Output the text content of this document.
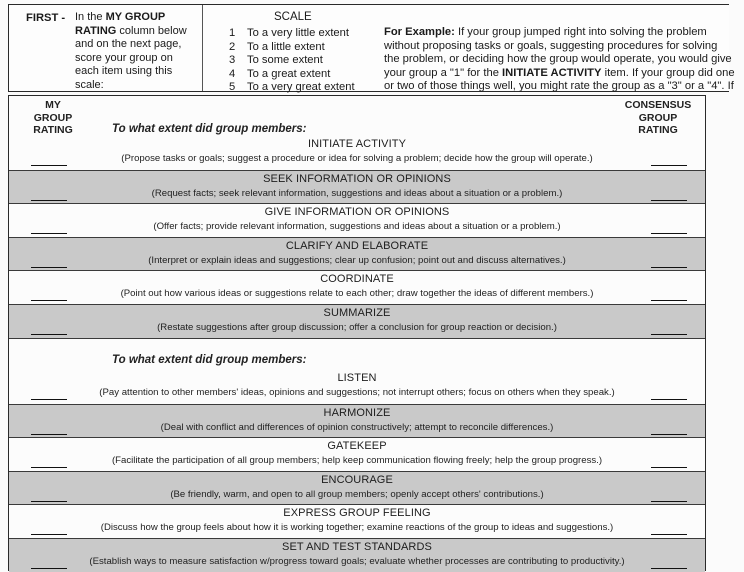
FIRST - In the MY GROUP RATING column below and on the next page, score your group on each item using this scale:
SCALE
1	To a very little extent
2	To a little extent
3	To some extent
4	To a great extent
5	To a very great extent
For Example: If your group jumped right into solving the problem
without proposing tasks or goals, suggesting procedures for solving
the problem, or deciding how the group would operate, you would give
your group a "1" for the INITIATE ACTIVITY item. If your group did one
or two of those things well, you might rate the group as a "3" or a "4". If
MY
GROUP
RATING
CONSENSUS
GROUP
RATING
To what extent did group members:
INITIATE ACTIVITY
(Propose tasks or goals; suggest a procedure or idea for solving a problem; decide how the group will operate.)
SEEK INFORMATION OR OPINIONS
(Request facts; seek relevant information, suggestions and ideas about a situation or a problem.)
GIVE INFORMATION OR OPINIONS
(Offer facts; provide relevant information, suggestions and ideas about a situation or a problem.)
CLARIFY AND ELABORATE
(Interpret or explain ideas and suggestions; clear up confusion; point out and discuss alternatives.)
COORDINATE
(Point out how various ideas or suggestions relate to each other; draw together the ideas of different members.)
SUMMARIZE
(Restate suggestions after group discussion; offer a conclusion for group reaction or decision.)
To what extent did group members:
LISTEN
(Pay attention to other members' ideas, opinions and suggestions; not interrupt others; focus on others when they speak.)
HARMONIZE
(Deal with conflict and differences of opinion constructively; attempt to reconcile differences.)
GATEKEEP
(Facilitate the participation of all group members; help keep communication flowing freely; help the group progress.)
ENCOURAGE
(Be friendly, warm, and open to all group members; openly accept others' contributions.)
EXPRESS GROUP FEELING
(Discuss how the group feels about how it is working together; examine reactions of the group to ideas and suggestions.)
SET AND TEST STANDARDS
(Establish ways to measure satisfaction w/progress toward goals; evaluate whether processes are contributing to productivity.)
